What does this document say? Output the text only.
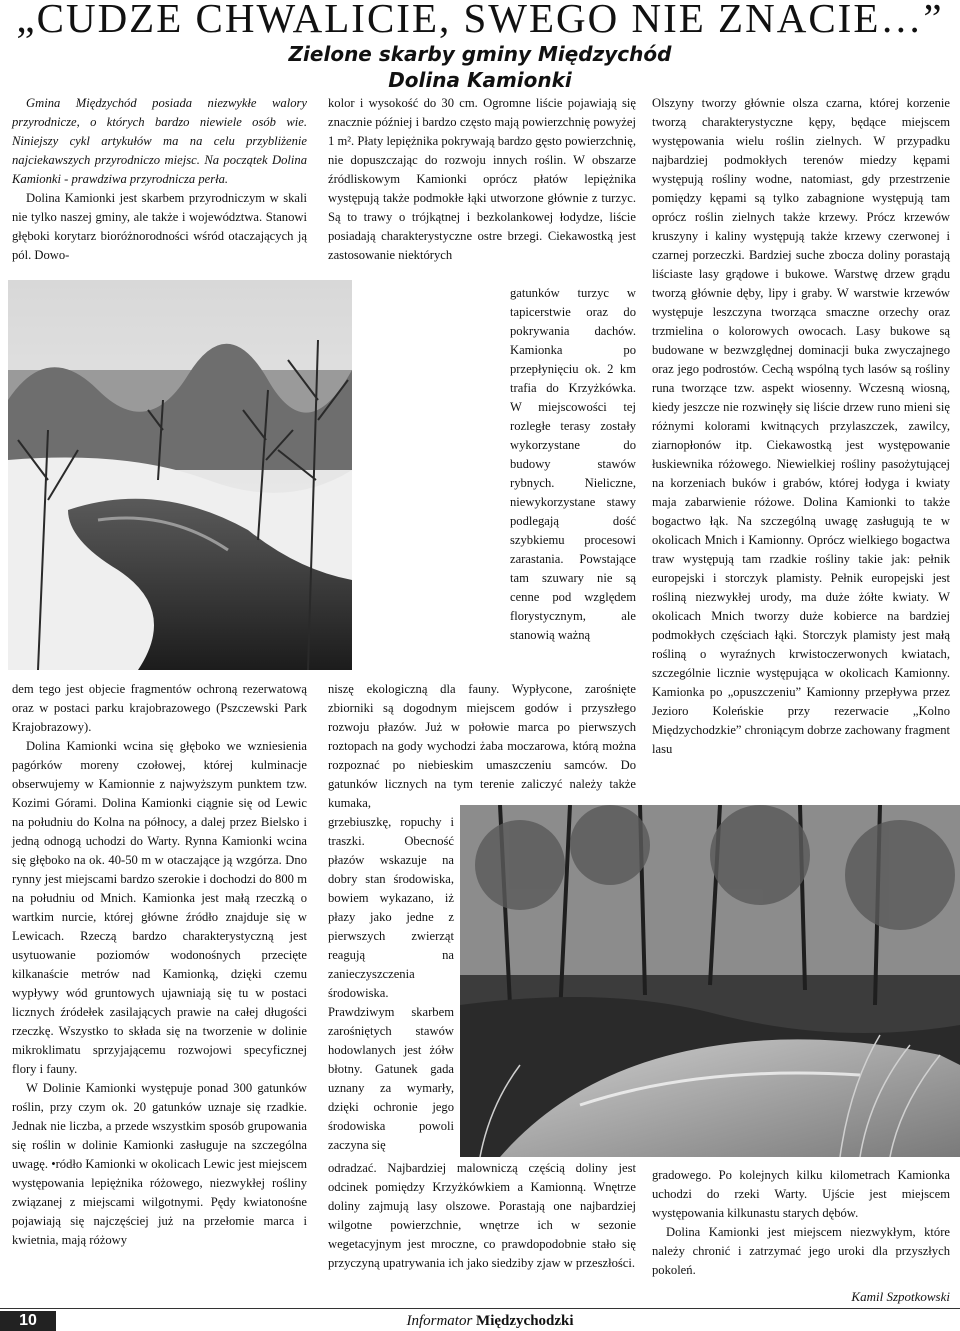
„CUDZE CHWALICIE, SWEGO NIE ZNACIE…”
Zielone skarby gminy Międzychód
Dolina Kamionki

Gmina Międzychód posiada niezwykłe walory przyrodnicze, o których bardzo niewiele osób wie. Niniejszy cykl artykułów ma na celu przybliżenie najciekawszych przyrodniczo miejsc. Na początek Dolina Kamionki - prawdziwa przyrodnicza perła.

Dolina Kamionki jest skarbem przyrodniczym w skali nie tylko naszej gminy, ale także i województwa. Stanowi głęboki korytarz bioróżnorodności wśród otaczających ją pól. Dowo-

dem tego jest objecie fragmentów ochroną rezerwatową oraz w postaci parku krajobrazowego (Pszczewski Park Krajobrazowy).

Dolina Kamionki wcina się głęboko we wzniesienia pagórków moreny czołowej, której kulminacje obserwujemy w Kamionnie z najwyższym punktem tzw. Kozimi Górami. Dolina Kamionki ciągnie się od Lewic na południu do Kolna na północy, a dalej przez Bielsko i jedną odnogą uchodzi do Warty. Rynna Kamionki wcina się głęboko na ok. 40-50 m w otaczające ją wzgórza. Dno rynny jest miejscami bardzo szerokie i dochodzi do 800 m na południu od Mnich. Kamionka jest małą rzeczką o wartkim nurcie, której główne źródło znajduje się w Lewicach. Rzeczą bardzo charakterystyczną jest usytuowanie poziomów wodonośnych przecięte kilkanaście metrów nad Kamionką, dzięki czemu wypływy wód gruntowych ujawniają się tu w postaci licznych źródełek zasilających prawie na całej długości rzeczkę. Wszystko to składa się na tworzenie w dolinie mikroklimatu sprzyjającemu rozwojowi specyficznej flory i fauny.

W Dolinie Kamionki występuje ponad 300 gatunków roślin, przy czym ok. 20 gatunków uznaje się rzadkie. Jednak nie liczba, a przede wszystkim sposób grupowania się roślin w dolinie Kamionki zasługuje na szczególna uwagę. •ródło Kamionki w okolicach Lewic jest miejscem występowania lepiężnika różowego, niezwykłej rośliny związanej z miejscami wilgotnymi. Pędy kwiatonośne pojawiają się najczęściej już na przełomie marca i kwietnia, mają różowy

kolor i wysokość do 30 cm. Ogromne liście pojawiają się znacznie później i bardzo często mają powierzchnię powyżej 1 m². Płaty lepiężnika pokrywają bardzo gęsto powierzchnię, nie dopuszczając do rozwoju innych roślin. W obszarze źródliskowym Kamionki oprócz płatów lepiężnika występują także podmokłe łąki utworzone głównie z turzyc. Są to trawy o trójkątnej i bezkolankowej łodydze, liście posiadają charakterystyczne ostre brzegi. Ciekawostką jest zastosowanie niektórych

gatunków turzyc w tapicerstwie oraz do pokrywania dachów. Kamionka po przepłynięciu ok. 2 km trafia do Krzyżkówka. W miejscowości tej rozległe terasy zostały wykorzystane do budowy stawów rybnych. Nieliczne, niewykorzystane stawy podlegają dość szybkiemu procesowi zarastania. Powstające tam szuwary nie są cenne pod względem florystycznym, ale stanowią ważną

niszę ekologiczną dla fauny. Wypłycone, zarośnięte zbiorniki są dogodnym miejscem godów i przyszłego rozwoju płazów. Już w połowie marca po pierwszych roztopach na gody wychodzi żaba moczarowa, którą można rozpoznać po niebieskim umaszczeniu samców. Do gatunków licznych na tym terenie zaliczyć należy także kumaka,

grzebiuszkę, ropuchy i traszki. Obecność płazów wskazuje na dobry stan środowiska, bowiem wykazano, iż płazy jako jedne z pierwszych zwierząt reagują na zanieczyszczenia środowiska. Prawdziwym skarbem zarośniętych stawów hodowlanych jest żółw błotny. Gatunek gada uznany za wymarły, dzięki ochronie jego środowiska powoli zaczyna się

odradzać. Najbardziej malowniczą częścią doliny jest odcinek pomiędzy Krzyżkówkiem a Kamionną. Wnętrze doliny zajmują lasy olszowe. Porastają one najbardziej wilgotne powierzchnie, wnętrze ich w sezonie wegetacyjnym jest mroczne, co prawdopodobnie stało się przyczyną upatrywania ich jako siedziby zjaw w przeszłości.

Olszyny tworzy głównie olsza czarna, której korzenie tworzą charakterystyczne kępy, będące miejscem występowania wielu roślin zielnych. W przypadku najbardziej podmokłych terenów miedzy kępami występują rośliny wodne, natomiast, gdy przestrzenie pomiędzy kępami są tylko zabagnione występują tam oprócz roślin zielnych także krzewy. Prócz krzewów kruszyny i kaliny występują także krzewy czerwonej i czarnej porzeczki. Bardziej suche zbocza doliny porastają liściaste lasy grądowe i bukowe. Warstwę drzew grądu tworzą głównie dęby, lipy i graby. W warstwie krzewów występuje leszczyna tworząca smaczne orzechy oraz trzmielina o kolorowych owocach. Lasy bukowe są budowane w bezwzględnej dominacji buka zwyczajnego oraz jego podrostów. Cechą wspólną tych lasów są rośliny runa tworzące tzw. aspekt wiosenny. Wczesną wiosną, kiedy jeszcze nie rozwinęły się liście drzew runo mieni się różnymi kolorami kwitnących przylaszczek, zawilcy, ziarnopłonów itp. Ciekawostką jest występowanie łuskiewnika różowego. Niewielkiej rośliny pasożytującej na korzeniach buków i grabów, której łodyga i kwiaty maja zabarwienie różowe. Dolina Kamionki to także bogactwo łąk. Na szczególną uwagę zasługują te w okolicach Mnich i Kamionny. Oprócz wielkiego bogactwa traw występują tam rzadkie rośliny takie jak: pełnik europejski i storczyk plamisty. Pełnik europejski jest rośliną niezwykłej urody, ma duże żółte kwiaty. W okolicach Mnich tworzy duże kobierce na bardziej podmokłych częściach łąki. Storczyk plamisty jest małą rośliną o wyraźnych krwistoczerwonych kwiatach, szczególnie licznie występująca w okolicach Kamionny. Kamionka po „opuszczeniu” Kamionny przepływa przez Jezioro Koleńskie przy rezerwacie „Kolno Międzychodzkie” chroniącym dobrze zachowany fragment lasu

gradowego. Po kolejnych kilku kilometrach Kamionka uchodzi do rzeki Warty. Ujście jest miejscem występowania kilkunastu starych dębów.

Dolina Kamionki jest miejscem niezwykłym, które należy chronić i zatrzymać jego uroki dla przyszłych pokoleń.

Kamil Szpotkowski
10	Informator Międzychodzki
